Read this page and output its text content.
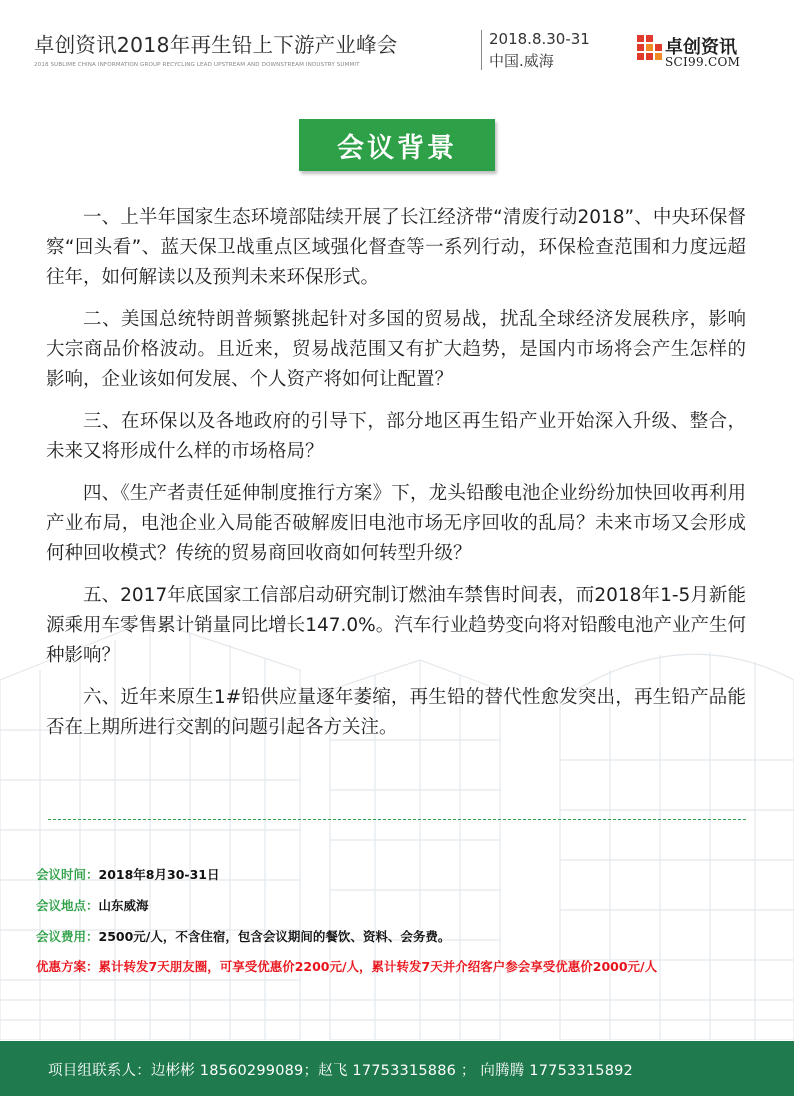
卓创资讯2018年再生铅上下游产业峰会
2018 SUBLIME CHINA INFORMATION GROUP RECYCLING LEAD UPSTREAM AND DOWNSTREAM INDUSTRY SUMMIT
2018.8.30-31
中国.威海
卓创资讯
SCI99.COM
会议背景

一、上半年国家生态环境部陆续开展了长江经济带“清废行动2018”、中央环保督察“回头看”、蓝天保卫战重点区域强化督查等一系列行动，环保检查范围和力度远超往年，如何解读以及预判未来环保形式。

二、美国总统特朗普频繁挑起针对多国的贸易战，扰乱全球经济发展秩序，影响大宗商品价格波动。且近来，贸易战范围又有扩大趋势，是国内市场将会产生怎样的影响，企业该如何发展、个人资产将如何让配置？

三、在环保以及各地政府的引导下，部分地区再生铅产业开始深入升级、整合，未来又将形成什么样的市场格局？

四、《生产者责任延伸制度推行方案》下，龙头铅酸电池企业纷纷加快回收再利用产业布局，电池企业入局能否破解废旧电池市场无序回收的乱局？未来市场又会形成何种回收模式？传统的贸易商回收商如何转型升级？

五、2017年底国家工信部启动研究制订燃油车禁售时间表，而2018年1-5月新能源乘用车零售累计销量同比增长147.0%。汽车行业趋势变向将对铅酸电池产业产生何种影响？

六、近年来原生1#铅供应量逐年萎缩，再生铅的替代性愈发突出，再生铅产品能否在上期所进行交割的问题引起各方关注。

会议时间：2018年8月30-31日
会议地点：山东威海
会议费用：2500元/人，不含住宿，包含会议期间的餐饮、资料、会务费。
优惠方案：累计转发7天朋友圈，可享受优惠价2200元/人，累计转发7天并介绍客户参会享受优惠价2000元/人
项目组联系人：边彬彬 18560299089；赵飞 17753315886 ； 向腾腾 17753315892
